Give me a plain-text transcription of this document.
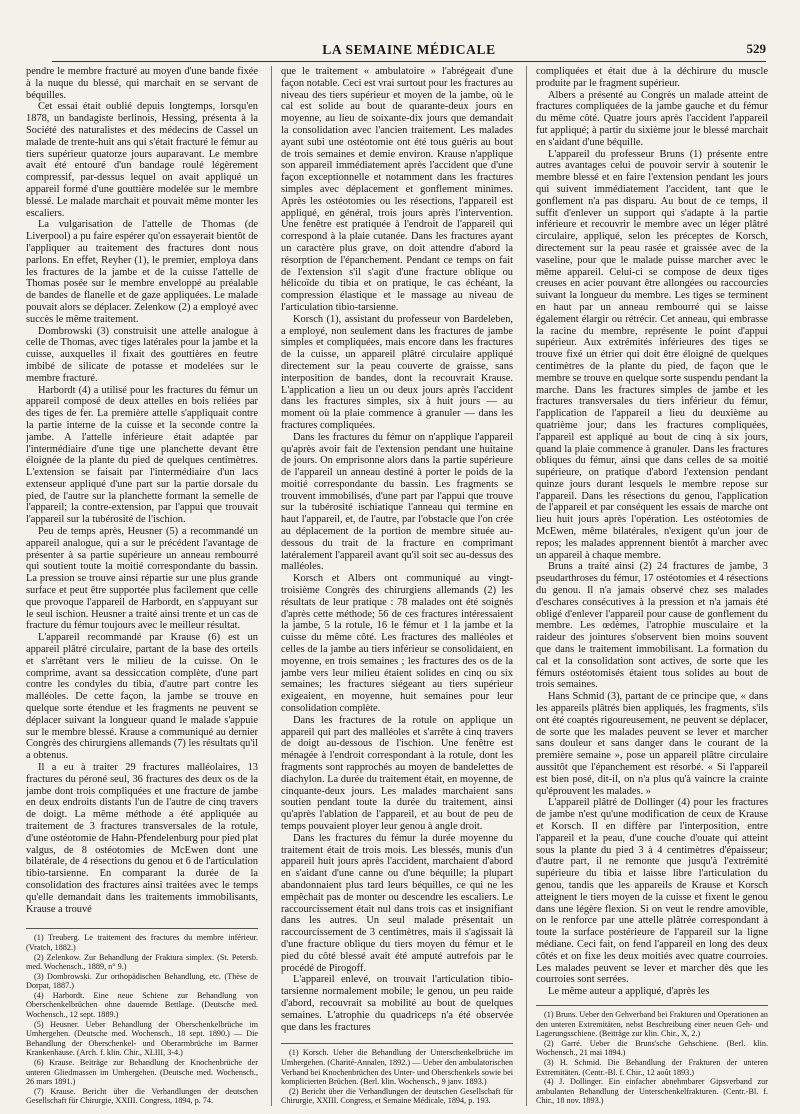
LA SEMAINE MÉDICALE	529

pendre le membre fracturé au moyen d'une bande fixée à la nuque du blessé, qui marchait en se servant de béquilles.

Cet essai était oublié depuis longtemps, lorsqu'en 1878, un bandagiste berlinois, Hessing, présenta à la Société des naturalistes et des médecins de Cassel un malade de trente-huit ans qui s'était fracturé le fémur au tiers supérieur quatorze jours auparavant. Le membre avait été entouré d'un bandage roulé légèrement compressif, par-dessus lequel on avait appliqué un appareil formé d'une gouttière modelée sur le membre blessé. Le malade marchait et pouvait même monter les escaliers.

La vulgarisation de l'attelle de Thomas (de Liverpool) a pu faire espérer qu'on essayerait bientôt de l'appliquer au traitement des fractures dont nous parlons. En effet, Reyher (1), le premier, employa dans les fractures de la jambe et de la cuisse l'attelle de Thomas posée sur le membre enveloppé au préalable de bandes de flanelle et de gaze appliquées. Le malade pouvait alors se déplacer. Zelenkow (2) a employé avec succès le même traitement.

Dombrowski (3) construisit une attelle analogue à celle de Thomas, avec tiges latérales pour la jambe et la cuisse, auxquelles il fixait des gouttières en feutre imbibé de silicate de potasse et modelées sur le membre fracturé.

Harbordt (4) a utilisé pour les fractures du fémur un appareil composé de deux attelles en bois reliées par des tiges de fer. La première attelle s'appliquait contre la partie interne de la cuisse et la seconde contre la jambe. A l'attelle inférieure était adaptée par l'intermédiaire d'une tige une planchette devant être éloignée de la plante du pied de quelques centimètres. L'extension se faisait par l'intermédiaire d'un lacs extenseur appliqué d'une part sur la partie dorsale du pied, de l'autre sur la planchette formant la semelle de l'appareil; la contre-extension, par l'appui que trouvait l'appareil sur la tubérosité de l'ischion.

Peu de temps après, Heusner (5) a recommandé un appareil analogue, qui a sur le précédent l'avantage de présenter à sa partie supérieure un anneau rembourré qui soutient toute la moitié correspondante du bassin. La pression se trouve ainsi répartie sur une plus grande surface et peut être supportée plus facilement que celle que provoque l'appareil de Harbordt, en s'appuyant sur le seul ischion. Heusner a traité ainsi trente et un cas de fracture du fémur toujours avec le meilleur résultat.

L'appareil recommandé par Krause (6) est un appareil plâtré circulaire, partant de la base des orteils et s'arrêtant vers le milieu de la cuisse. On le comprime, avant sa dessiccation complète, d'une part contre les condyles du tibia, d'autre part contre les malléoles. De cette façon, la jambe se trouve en quelque sorte étendue et les fragments ne peuvent se déplacer suivant la longueur quand le malade s'appuie sur le membre blessé. Krause a communiqué au dernier Congrès des chirurgiens allemands (7) les résultats qu'il a obtenus.

Il a eu à traiter 29 fractures malléolaires, 13 fractures du péroné seul, 36 fractures des deux os de la jambe dont trois compliquées et une fracture de jambe en deux endroits distants l'un de l'autre de cinq travers de doigt. La même méthode a été appliquée au traitement de 3 fractures transversales de la rotule, d'une ostéotomie de Hahn-Pfendelenburg pour pied plat valgus, de 8 ostéotomies de McEwen dont une bilatérale, de 4 résections du genou et 6 de l'articulation tibio-tarsienne. En comparant la durée de la consolidation des fractures ainsi traitées avec le temps qu'elle demandait dans les traitements immobilisants, Krause a trouvé

(1) Treuberg. Le traitement des fractures du membre inférieur. (Vratch, 1882.)

(2) Zelenkow. Zur Behandlung der Fraktura simplex. (St. Petersb. med. Wochensch., 1889, n° 9.)

(3) Dombrowski. Zur orthopädischen Behandlung, etc. (Thèse de Dorpat, 1887.)

(4) Harbordt. Eine neue Schiene zur Behandlung von Oberschenkelbrüchen ohne dauernde Bettlage. (Deutsche med. Wochensch., 12 sept. 1889.)

(5) Heusner. Ueber Behandlung der Oberschenkelbrüche im Umhergehen. (Deutsche med. Wochensch., 18 sept. 1890.) — Die Behandlung der Oberschenkel- und Oberarmbrüche im Barmer Krankenhause. (Arch. f. klin. Chir., XLIII, 3-4.)

(6) Krause. Beiträge zur Behandlung der Knochenbrüche der unteren Gliedmassen im Umhergehen. (Deutsche med. Wochensch., 26 mars 1891.)

(7) Krause. Bericht über die Verhandlungen der deutschen Gesellschaft für Chirurgie, XXIII. Congress, 1894, p. 74.

que le traitement « ambulatoire » l'abrégeait d'une façon notable. Ceci est vrai surtout pour les fractures au niveau des tiers supérieur et moyen de la jambe, où le cal est solide au bout de quarante-deux jours en moyenne, au lieu de soixante-dix jours que demandait la consolidation avec l'ancien traitement. Les malades ayant subi une ostéotomie ont été tous guéris au bout de trois semaines et demie environ. Krause n'applique son appareil immédiatement après l'accident que d'une façon exceptionnelle et notamment dans les fractures simples avec déplacement et gonflement minimes. Après les ostéotomies ou les résections, l'appareil est appliqué, en général, trois jours après l'intervention. Une fenêtre est pratiquée à l'endroit de l'appareil qui correspond à la plaie cutanée. Dans les fractures ayant un caractère plus grave, on doit attendre d'abord la résorption de l'épanchement. Pendant ce temps on fait de l'extension s'il s'agit d'une fracture oblique ou hélicoïde du tibia et on pratique, le cas échéant, la compression élastique et le massage au niveau de l'articulation tibio-tarsienne.

Korsch (1), assistant du professeur von Bardeleben, a employé, non seulement dans les fractures de jambe simples et compliquées, mais encore dans les fractures de la cuisse, un appareil plâtré circulaire appliqué directement sur la peau couverte de graisse, sans interposition de bandes, dont la recouvrait Krause. L'application a lieu un ou deux jours après l'accident dans les fractures simples, six à huit jours — au moment où la plaie commence à granuler — dans les fractures compliquées.

Dans les fractures du fémur on n'applique l'appareil qu'après avoir fait de l'extension pendant une huitaine de jours. On emprisonne alors dans la partie supérieure de l'appareil un anneau destiné à porter le poids de la moitié correspondante du bassin. Les fragments se trouvent immobilisés, d'une part par l'appui que trouve sur la tubérosité ischiatique l'anneau qui termine en haut l'appareil, et, de l'autre, par l'obstacle que l'on crée au déplacement de la portion de membre située au-dessous du trait de la fracture en comprimant latéralement l'appareil avant qu'il soit sec au-dessus des malléoles.

Korsch et Albers ont communiqué au vingt-troisième Congrès des chirurgiens allemands (2) les résultats de leur pratique : 78 malades ont été soignés d'après cette méthode; 56 de ces fractures intéressaient la jambe, 5 la rotule, 16 le fémur et 1 la jambe et la cuisse du même côté. Les fractures des malléoles et celles de la jambe au tiers inférieur se consolidaient, en moyenne, en trois semaines ; les fractures des os de la jambe vers leur milieu étaient solides en cinq ou six semaines; les fractures siégeant au tiers supérieur exigeaient, en moyenne, huit semaines pour leur consolidation complète.

Dans les fractures de la rotule on applique un appareil qui part des malléoles et s'arrête à cinq travers de doigt au-dessous de l'ischion. Une fenêtre est ménagée à l'endroit correspondant à la rotule, dont les fragments sont rapprochés au moyen de bandelettes de diachylon. La durée du traitement était, en moyenne, de cinquante-deux jours. Les malades marchaient sans soutien pendant toute la durée du traitement, ainsi qu'après l'ablation de l'appareil, et au bout de peu de temps pouvaient ployer leur genou à angle droit.

Dans les fractures du fémur la durée moyenne du traitement était de trois mois. Les blessés, munis d'un appareil huit jours après l'accident, marchaient d'abord en s'aidant d'une canne ou d'une béquille; la plupart abandonnaient plus tard leurs béquilles, ce qui ne les empêchait pas de monter ou descendre les escaliers. Le raccourcissement était nul dans trois cas et insignifiant dans les autres. Un seul malade présentait un raccourcissement de 3 centimètres, mais il s'agissait là d'une fracture oblique du tiers moyen du fémur et le pied du côté blessé avait été amputé autrefois par le procédé de Pirogoff.

L'appareil enlevé, on trouvait l'articulation tibio-tarsienne normalement mobile; le genou, un peu raide d'abord, recouvrait sa mobilité au bout de quelques semaines. L'atrophie du quadriceps n'a été observée que dans les fractures

(1) Korsch. Ueber die Behandlung der Unterschenkelbrüche im Umhergehen. (Charité-Annalen, 1892.) — Ueber den ambulatorischen Verband bei Knochenbrüchen des Unter- und Oberschenkels sowie bei komplicierten Brüchen. (Berl. klin. Wochensch., 9 janv. 1893.)

(2) Bericht über die Verhandlungen der deutschen Gesellschaft für Chirurgie, XXIII. Congress, et Semaine Médicale, 1894, p. 193.

compliquées et était due à la déchirure du muscle produite par le fragment supérieur.

Albers a présenté au Congrès un malade atteint de fractures compliquées de la jambe gauche et du fémur du même côté. Quatre jours après l'accident l'appareil fut appliqué; à partir du sixième jour le blessé marchait en s'aidant d'une béquille.

L'appareil du professeur Bruns (1) présente entre autres avantages celui de pouvoir servir à soutenir le membre blessé et en faire l'extension pendant les jours qui suivent immédiatement l'accident, tant que le gonflement n'a pas disparu. Au bout de ce temps, il suffit d'enlever un support qui s'adapte à la partie inférieure et recouvrir le membre avec un léger plâtré circulaire, appliqué, selon les préceptes de Korsch, directement sur la peau rasée et graissée avec de la vaseline, pour que le malade puisse marcher avec le même appareil. Celui-ci se compose de deux tiges creuses en acier pouvant être allongées ou raccourcies suivant la longueur du membre. Les tiges se terminent en haut par un anneau rembourré qui se laisse également élargir ou rétrécir. Cet anneau, qui embrasse la racine du membre, représente le point d'appui supérieur. Aux extrémités inférieures des tiges se trouve fixé un étrier qui doit être éloigné de quelques centimètres de la plante du pied, de façon que le membre se trouve en quelque sorte suspendu pendant la marche. Dans les fractures simples de jambe et les fractures transversales du tiers inférieur du fémur, l'application de l'appareil a lieu du deuxième au quatrième jour; dans les fractures compliquées, l'appareil est appliqué au bout de cinq à six jours, quand la plaie commence à granuler. Dans les fractures obliques du fémur, ainsi que dans celles de sa moitié supérieure, on pratique d'abord l'extension pendant quinze jours durant lesquels le membre repose sur l'appareil. Dans les résections du genou, l'application de l'appareil et par conséquent les essais de marche ont lieu huit jours après l'opération. Les ostéotomies de McEwen, même bilatérales, n'exigent qu'un jour de repos; les malades apprennent bientôt à marcher avec un appareil à chaque membre.

Bruns a traité ainsi (2) 24 fractures de jambe, 3 pseudarthroses du fémur, 17 ostéotomies et 4 résections du genou. Il n'a jamais observé chez ses malades d'eschares consécutives à la pression et n'a jamais été obligé d'enlever l'appareil pour cause de gonflement du membre. Les œdèmes, l'atrophie musculaire et la raideur des jointures s'observent bien moins souvent que dans le traitement immobilisant. La formation du cal et la consolidation sont actives, de sorte que les fémurs ostéotomisés étaient tous solides au bout de trois semaines.

Hans Schmid (3), partant de ce principe que, « dans les appareils plâtrés bien appliqués, les fragments, s'ils ont été coaptés rigoureusement, ne peuvent se déplacer, de sorte que les malades peuvent se lever et marcher sans douleur et sans danger dans le courant de la première semaine », pose un appareil plâtre circulaire aussitôt que l'épanchement est résorbé. « Si l'appareil est bien posé, dit-il, on n'a plus qu'à vaincre la crainte qu'éprouvent les malades. »

L'appareil plâtré de Dollinger (4) pour les fractures de jambe n'est qu'une modification de ceux de Krause et Korsch. Il en diffère par l'interposition, entre l'appareil et la peau, d'une couche d'ouate qui atteint sous la plante du pied 3 à 4 centimètres d'épaisseur; d'autre part, il ne remonte que jusqu'à l'extrémité supérieure du tibia et laisse libre l'articulation du genou, tandis que les appareils de Krause et Korsch atteignent le tiers moyen de la cuisse et fixent le genou dans une légère flexion. Si on veut le rendre amovible, on le renforce par une attelle plâtrée correspondant à toute la surface postérieure de l'appareil sur la ligne médiane. Ceci fait, on fend l'appareil en long des deux côtés et on fixe les deux moitiés avec quatre courroies. Les malades peuvent se lever et marcher dès que les courroies sont serrées.

Le même auteur a appliqué, d'après les

(1) Bruns. Ueber den Gehverband bei Frakturen und Operationen an den unteren Extremitäten, nebst Beschreibung einer neuen Geh- und Lagerungsschiene. (Beiträge zur klin. Chir., X, 2.)

(2) Garré. Ueber die Bruns'sche Gehschiene. (Berl. klin. Wochensch., 21 mai 1894.)

(3) H. Schmid. Die Behandlung der Frakturen der unteren Extremitäten. (Centr.-Bl. f. Chir., 12 août 1893.)

(4) J. Dollinger. Ein einfacher abnehmbarer Gipsverband zur ambulanten Behandlung der Unterschenkelfrakturen. (Centr.-Bl. f. Chir., 18 nov. 1893.)
